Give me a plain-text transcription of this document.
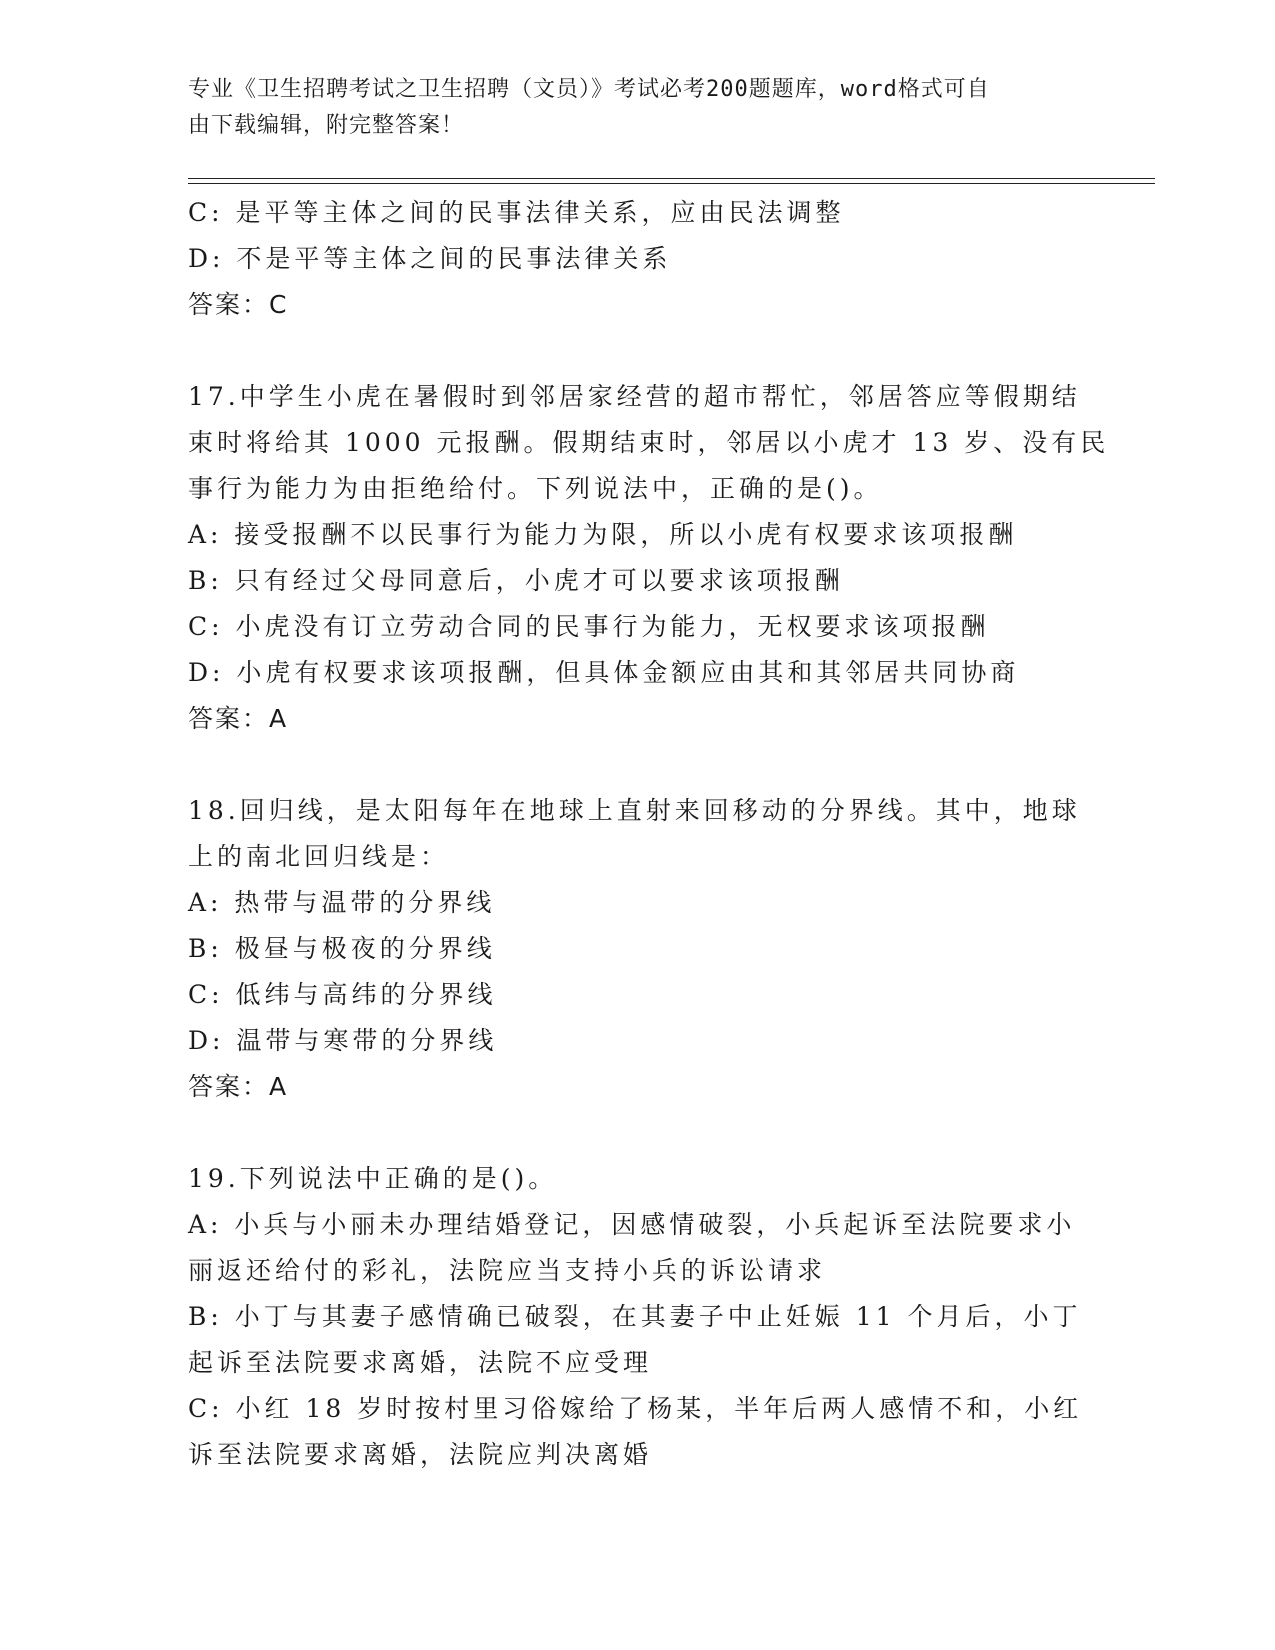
专业《卫生招聘考试之卫生招聘（文员）》考试必考200题题库，word格式可自
由下载编辑，附完整答案！
C: 是平等主体之间的民事法律关系，应由民法调整
D: 不是平等主体之间的民事法律关系
答案：C
17.中学生小虎在暑假时到邻居家经营的超市帮忙，邻居答应等假期结
束时将给其 1000 元报酬。假期结束时，邻居以小虎才 13 岁、没有民
事行为能力为由拒绝给付。下列说法中，正确的是()。
A: 接受报酬不以民事行为能力为限，所以小虎有权要求该项报酬
B: 只有经过父母同意后，小虎才可以要求该项报酬
C: 小虎没有订立劳动合同的民事行为能力，无权要求该项报酬
D: 小虎有权要求该项报酬，但具体金额应由其和其邻居共同协商
答案：A
18.回归线，是太阳每年在地球上直射来回移动的分界线。其中，地球
上的南北回归线是：
A: 热带与温带的分界线
B: 极昼与极夜的分界线
C: 低纬与高纬的分界线
D: 温带与寒带的分界线
答案：A
19.下列说法中正确的是()。
A: 小兵与小丽未办理结婚登记，因感情破裂，小兵起诉至法院要求小
丽返还给付的彩礼，法院应当支持小兵的诉讼请求
B: 小丁与其妻子感情确已破裂，在其妻子中止妊娠 11 个月后，小丁
起诉至法院要求离婚，法院不应受理
C: 小红 18 岁时按村里习俗嫁给了杨某，半年后两人感情不和，小红
诉至法院要求离婚，法院应判决离婚
